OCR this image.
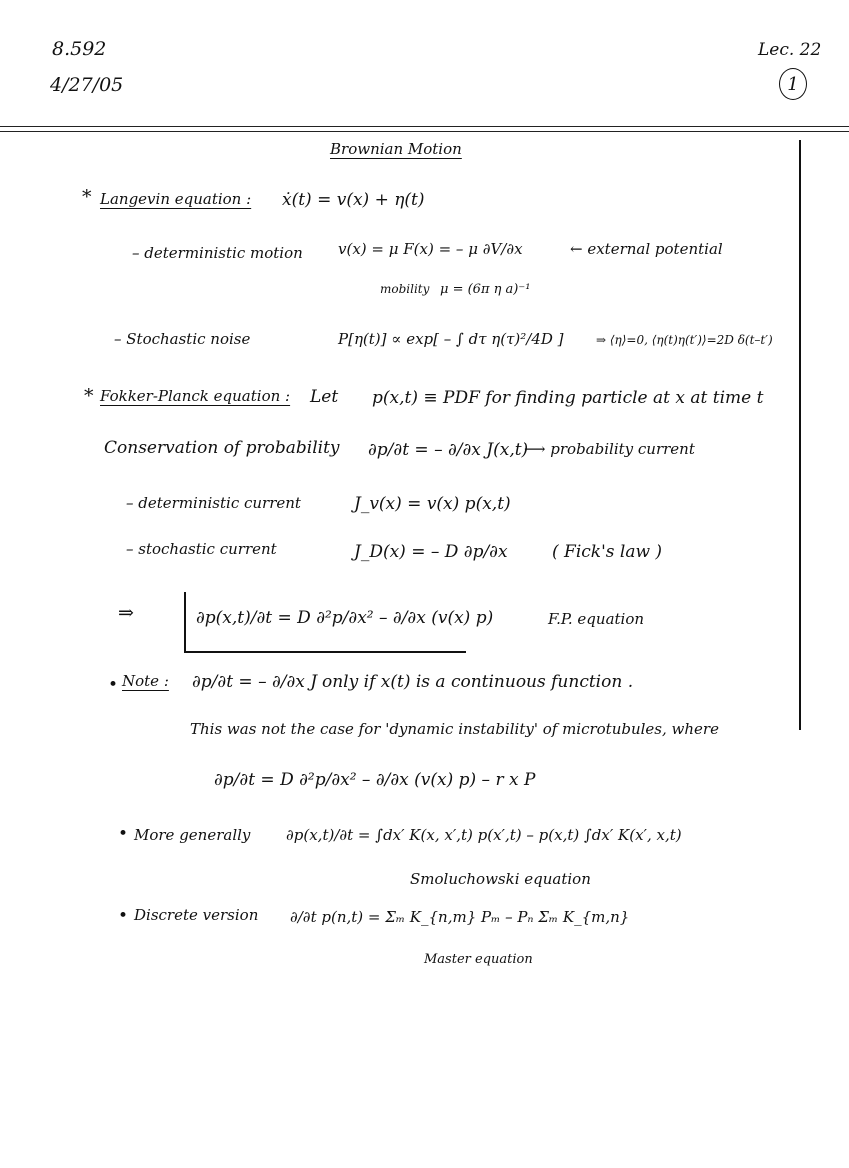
8.592
4/27/05
Lec. 22
1
Brownian Motion
* Langevin equation : ẋ(t) = v(x) + η(t)
– deterministic motion v(x) = μ F(x) = – μ ∂V/∂x	← external potential
mobility μ = (6π η a)⁻¹
– Stochastic noise	P[η(t)] ∝ exp[ – ∫ dτ η(τ)²/4D ]	⇒ ⟨η⟩=0, ⟨η(t)η(t′)⟩=2D δ(t–t′)
* Fokker-Planck equation : Let p(x,t) ≡ PDF for finding particle at x at time t
Conservation of probability ∂p/∂t = – ∂/∂x J(x,t)
⟶ probability current
– deterministic current	J_v(x) = v(x) p(x,t)
– stochastic current	J_D(x) = – D ∂p/∂x	( Fick's law )
⇒	∂p(x,t)/∂t = D ∂²p/∂x² – ∂/∂x (v(x) p)	F.P. equation
• Note : ∂p/∂t = – ∂/∂x J only if x(t) is a continuous function .
This was not the case for 'dynamic instability' of microtubules, where
∂p/∂t = D ∂²p/∂x² – ∂/∂x (v(x) p) – r x P
• More generally ∂p(x,t)/∂t = ∫dx′ K(x, x′,t) p(x′,t) – p(x,t) ∫dx′ K(x′, x,t)
Smoluchowski equation
• Discrete version ∂/∂t p(n,t) = Σₘ K_{n,m} Pₘ – Pₙ Σₘ K_{m,n}
Master equation
